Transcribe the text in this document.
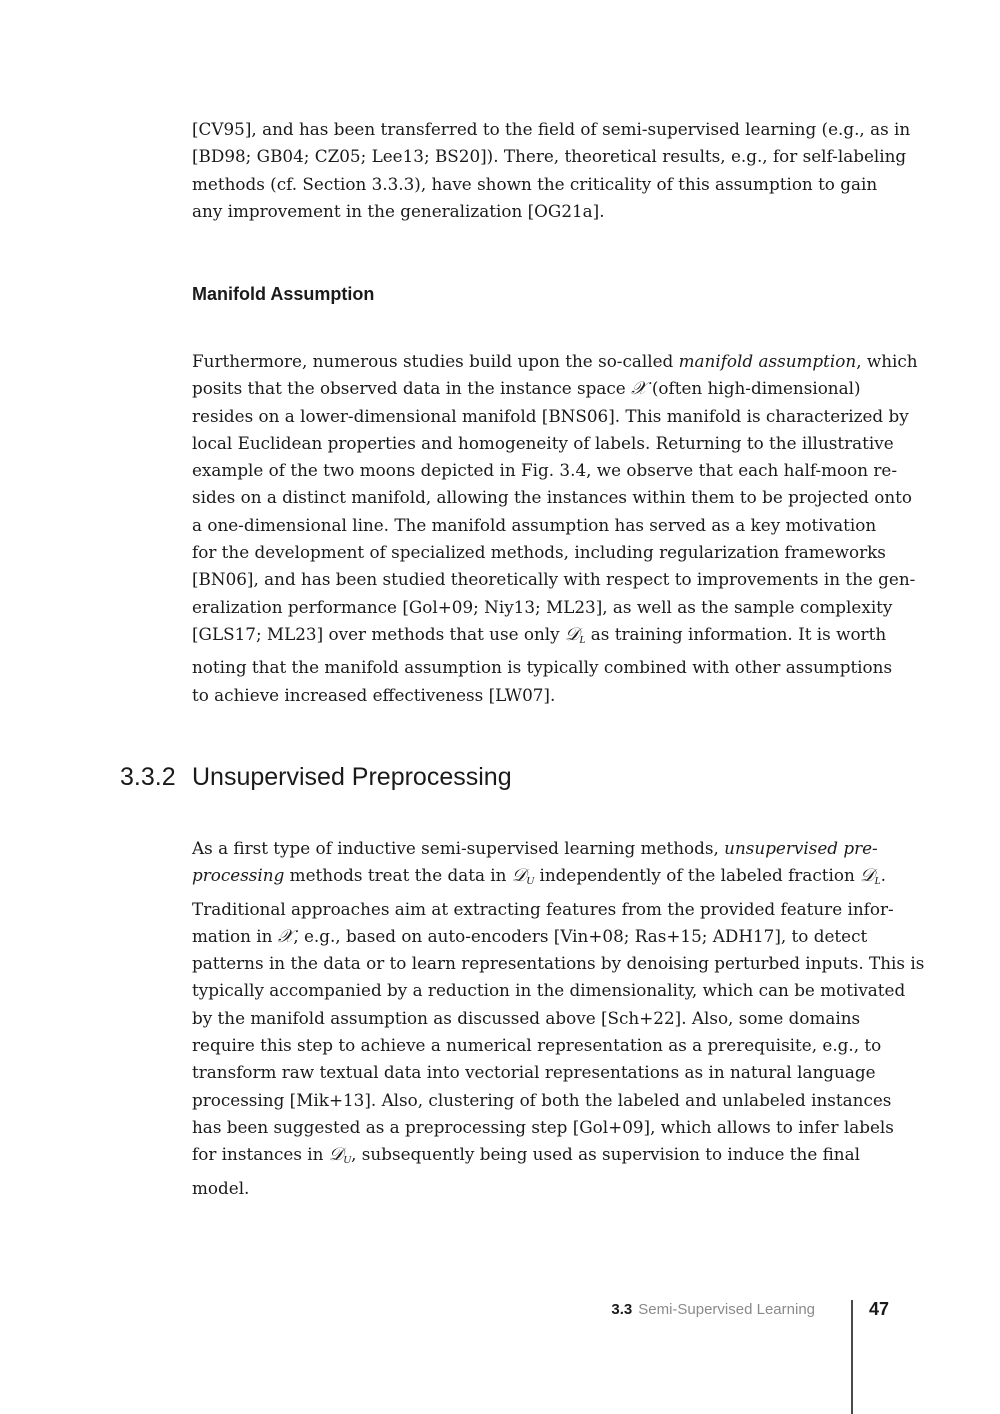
[CV95], and has been transferred to the field of semi-supervised learning (e.g., as in
[BD98; GB04; CZ05; Lee13; BS20]). There, theoretical results, e.g., for self-labeling
methods (cf. Section 3.3.3), have shown the criticality of this assumption to gain
any improvement in the generalization [OG21a].
Manifold Assumption
Furthermore, numerous studies build upon the so-called manifold assumption, which
posits that the observed data in the instance space 𝒳 (often high-dimensional)
resides on a lower-dimensional manifold [BNS06]. This manifold is characterized by
local Euclidean properties and homogeneity of labels. Returning to the illustrative
example of the two moons depicted in Fig. 3.4, we observe that each half-moon re-
sides on a distinct manifold, allowing the instances within them to be projected onto
a one-dimensional line. The manifold assumption has served as a key motivation
for the development of specialized methods, including regularization frameworks
[BN06], and has been studied theoretically with respect to improvements in the gen-
eralization performance [Gol+09; Niy13; ML23], as well as the sample complexity
[GLS17; ML23] over methods that use only 𝒟$_L$ as training information. It is worth
noting that the manifold assumption is typically combined with other assumptions
to achieve increased effectiveness [LW07].
3.3.2 Unsupervised Preprocessing
As a first type of inductive semi-supervised learning methods, unsupervised pre-
processing methods treat the data in 𝒟$_U$ independently of the labeled fraction 𝒟$_L$.
Traditional approaches aim at extracting features from the provided feature infor-
mation in 𝒳, e.g., based on auto-encoders [Vin+08; Ras+15; ADH17], to detect
patterns in the data or to learn representations by denoising perturbed inputs. This is
typically accompanied by a reduction in the dimensionality, which can be motivated
by the manifold assumption as discussed above [Sch+22]. Also, some domains
require this step to achieve a numerical representation as a prerequisite, e.g., to
transform raw textual data into vectorial representations as in natural language
processing [Mik+13]. Also, clustering of both the labeled and unlabeled instances
has been suggested as a preprocessing step [Gol+09], which allows to infer labels
for instances in 𝒟$_U$, subsequently being used as supervision to induce the final
model.
3.3 Semi-Supervised Learning	47
